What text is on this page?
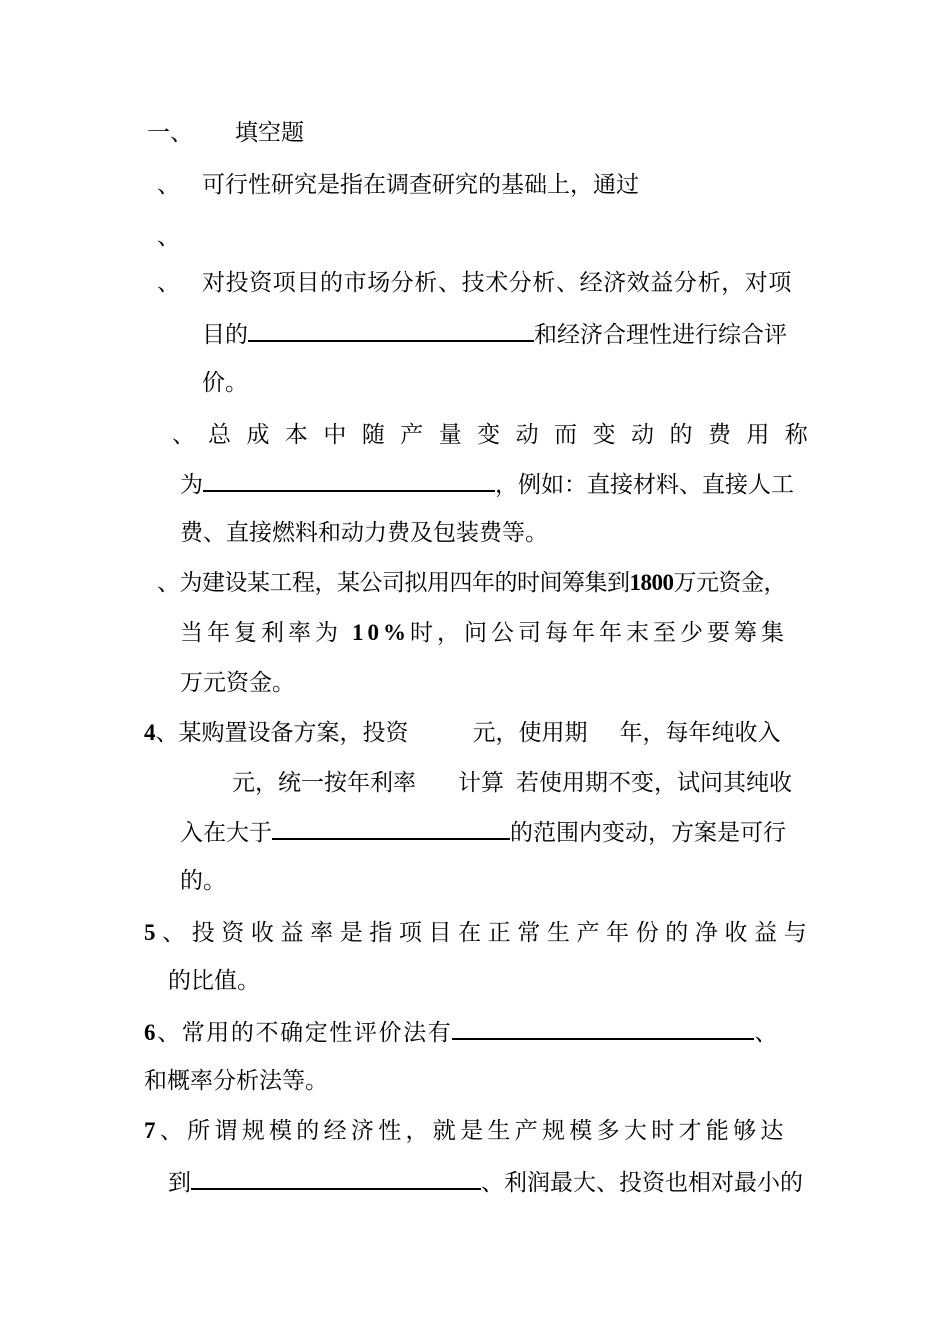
一、 填空题
、 可行性研究是指在调查研究的基础上，通过
、
、 对投资项目的市场分析、技术分析、经济效益分析，对项
目的	和经济合理性进行综合评
价。
、 总 成 本 中 随 产 量 变 动 而 变 动 的 费 用 称
为	，例如：直接材料、直接人工
费、直接燃料和动力费及包装费等。
、为建设某工程，某公司拟用四年的时间筹集到1800万元资金，
当年复利率为 10%时，问公司每年年末至少要筹集
万元资金。
4、某购置设备方案，投资	元，使用期 年，每年纯收入
元，统一按年利率 计算 若使用期不变，试问其纯收
入在大于	的范围内变动，方案是可行
的。
5、投资收益率是指项目在正常生产年份的净收益与
的比值。
6、常用的不确定性评价法有	、
和概率分析法等。
7、所谓规模的经济性，就是生产规模多大时才能够达
到	、利润最大、投资也相对最小的
